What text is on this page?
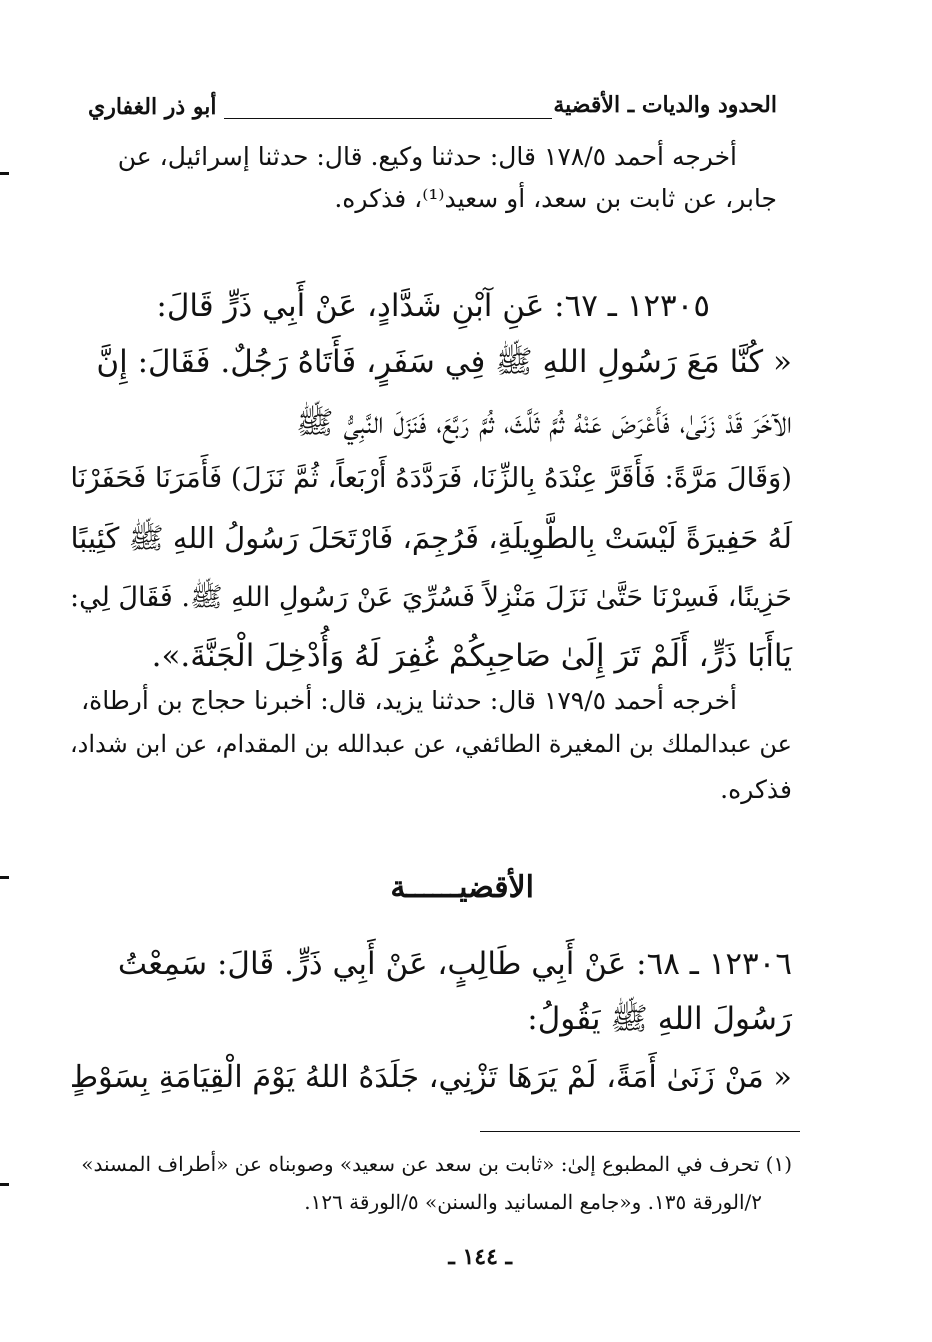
الحدود والديات ـ الأقضية
أبو ذر الغفاري
أخرجه أحمد ١٧٨/٥ قال: حدثنا وكيع. قال: حدثنا إسرائيل، عن
جابر، عن ثابت بن سعد، أو سعيد⁽¹⁾، فذكره.
١٢٣٠٥ ـ ٦٧: عَنِ آبْنِ شَدَّادٍ، عَنْ أَبِي ذَرٍّ قَالَ:
« كُنَّا مَعَ رَسُولِ اللهِ ﷺ فِي سَفَرٍ، فَأَتَاهُ رَجُلٌ. فَقَالَ: إِنَّ
الآخَرَ قَدْ زَنَىٰ، فَأَعْرَضَ عَنْهُ ثُمَّ ثَلَّثَ، ثُمَّ رَبَّعَ، فَنَزَلَ النَّبِيُّ ﷺ
(وَقَالَ مَرَّةً: فَأَقَرَّ عِنْدَهُ بِالزِّنَا، فَرَدَّدَهُ أَرْبَعاً، ثُمَّ نَزَلَ) فَأَمَرَنَا فَحَفَرْنَا
لَهُ حَفِيرَةً لَيْسَتْ بِالطَّوِيلَةِ، فَرُجِمَ، فَارْتَحَلَ رَسُولُ اللهِ ﷺ كَئِيبًا
حَزِينًا، فَسِرْنَا حَتَّىٰ نَزَلَ مَنْزِلاً فَسُرِّيَ عَنْ رَسُولِ اللهِ ﷺ. فَقَالَ لِي:
يَاأَبَا ذَرٍّ، أَلَمْ تَرَ إِلَىٰ صَاحِبِكُمْ غُفِرَ لَهُ وَأُدْخِلَ الْجَنَّةَ.».
أخرجه أحمد ١٧٩/٥ قال: حدثنا يزيد، قال: أخبرنا حجاج بن أرطاة،
عن عبدالملك بن المغيرة الطائفي، عن عبدالله بن المقدام، عن ابن شداد،
فذكره.
الأقضيــــــة
١٢٣٠٦ ـ ٦٨: عَنْ أَبِي طَالِبٍ، عَنْ أَبِي ذَرٍّ. قَالَ: سَمِعْتُ
رَسُولَ اللهِ ﷺ يَقُولُ:
« مَنْ زَنَىٰ أَمَةً، لَمْ يَرَهَا تَزْنِي، جَلَدَهُ اللهُ يَوْمَ الْقِيَامَةِ بِسَوْطٍ
(١) تحرف في المطبوع إلىٰ: «ثابت بن سعد عن سعيد» وصوبناه عن «أطراف المسند»
٢/الورقة ١٣٥. و«جامع المسانيد والسنن» ٥/الورقة ١٢٦.
ـ ١٤٤ ـ
